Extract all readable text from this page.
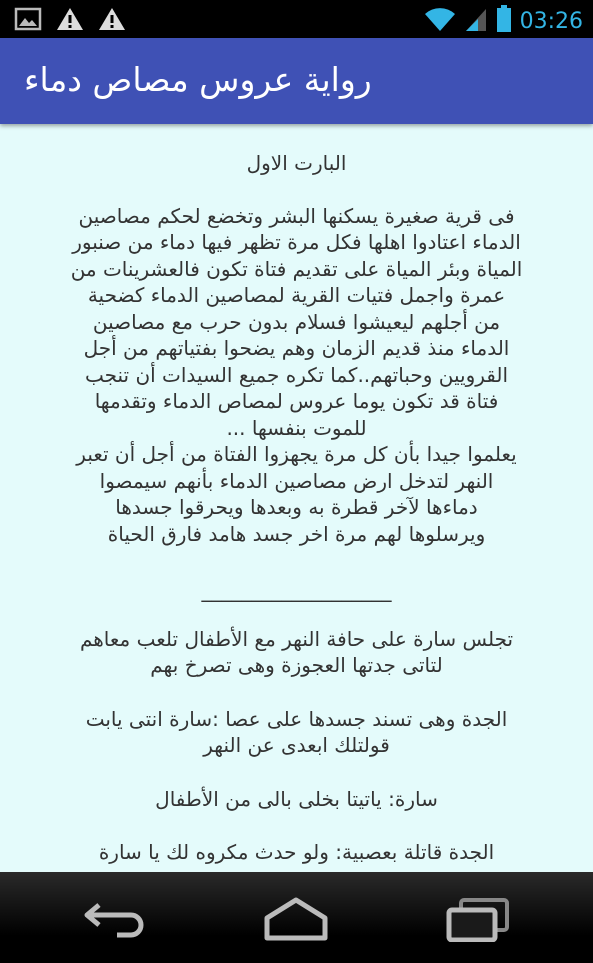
03:26
رواية عروس مصاص دماء

البارت الاول

فى قرية صغيرة يسكنها البشر وتخضع لحكم مصاصين
الدماء اعتادوا اهلها فكل مرة تظهر فيها دماء من صنبور
المياة وبئر المياة على تقديم فتاة تكون فالعشرينات من
عمرة واجمل فتيات القرية لمصاصين الدماء كضحية
من أجلهم ليعيشوا فسلام بدون حرب مع مصاصين
الدماء منذ قديم الزمان وهم يضحوا بفتياتهم من أجل
القرويين وحباتهم..كما تكره جميع السيدات أن تنجب
فتاة قد تكون يوما عروس لمصاص الدماء وتقدمها
للموت بنفسها ...
يعلموا جيدا بأن كل مرة يجهزوا الفتاة من أجل أن تعبر
النهر لتدخل ارض مصاصين الدماء بأنهم سيمصوا
دماءها لآخر قطرة به وبعدها ويحرقوا جسدها
ويرسلوها لهم مرة اخر جسد هامد فارق الحياة

___________________

تجلس سارة على حافة النهر مع الأطفال تلعب معاهم
لتاتى جدتها العجوزة وهى تصرخ بهم

الجدة وهى تسند جسدها على عصا :سارة انتى يابت
قولتلك ابعدى عن النهر

سارة: ياتيتا بخلى بالى من الأطفال

الجدة قاتلة بعصبية: ولو حدث مكروه لك يا سارة
